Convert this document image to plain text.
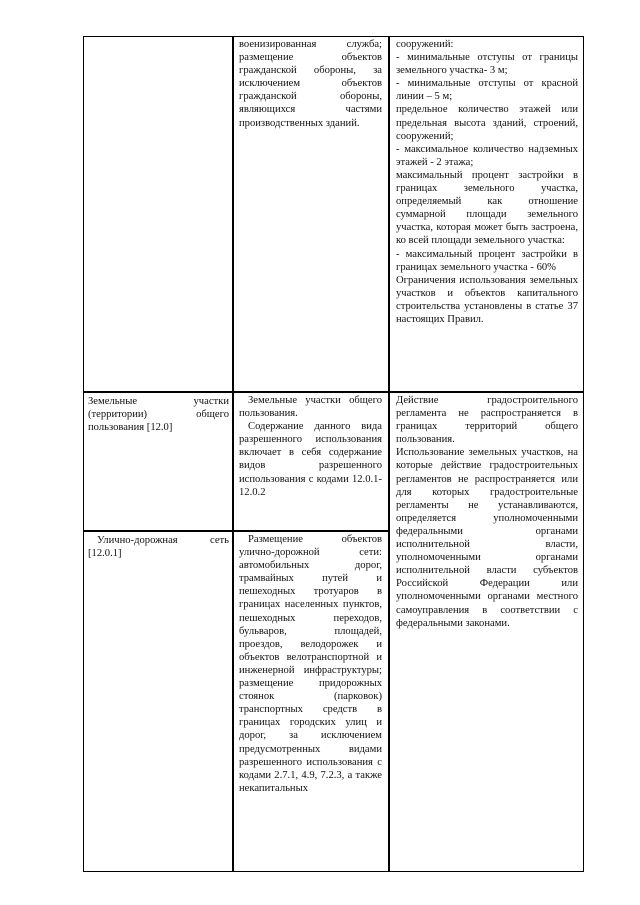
военизированная служба; размещение объектов гражданской обороны, за исключением объектов гражданской обороны, являющихся частями производственных зданий.

сооружений:

- минимальные отступы от границы земельного участка- 3 м;

- минимальные отступы от красной линии – 5 м;

предельное количество этажей или предельная высота зданий, строений, сооружений;

- максимальное количество надземных этажей - 2 этажа;

максимальный процент застройки в границах земельного участка, определяемый как отношение суммарной площади земельного участка, которая может быть застроена, ко всей площади земельного участка:

- максимальный процент застройки в границах земельного участка - 60%

Ограничения использования земельных участков и объектов капитального строительства установлены в статье 37 настоящих Правил.

Земельные участки (территории) общего пользования [12.0]

Земельные участки общего пользования.

Содержание данного вида разрешенного использования включает в себя содержание видов разрешенного использования с кодами 12.0.1-12.0.2

Действие градостроительного регламента не распространяется в границах территорий общего пользования.

Использование земельных участков, на которые действие градостроительных регламентов не распространяется или для которых градостроительные регламенты не устанавливаются, определяется уполномоченными федеральными органами исполнительной власти, уполномоченными органами исполнительной власти субъектов Российской Федерации или уполномоченными органами местного самоуправления в соответствии с федеральными законами.

Улично-дорожная сеть [12.0.1]

Размещение объектов улично-дорожной сети: автомобильных дорог, трамвайных путей и пешеходных тротуаров в границах населенных пунктов, пешеходных переходов, бульваров, площадей, проездов, велодорожек и объектов велотранспортной и инженерной инфраструктуры; размещение придорожных стоянок (парковок) транспортных средств в границах городских улиц и дорог, за исключением предусмотренных видами разрешенного использования с кодами 2.7.1, 4.9, 7.2.3, а также некапитальных
